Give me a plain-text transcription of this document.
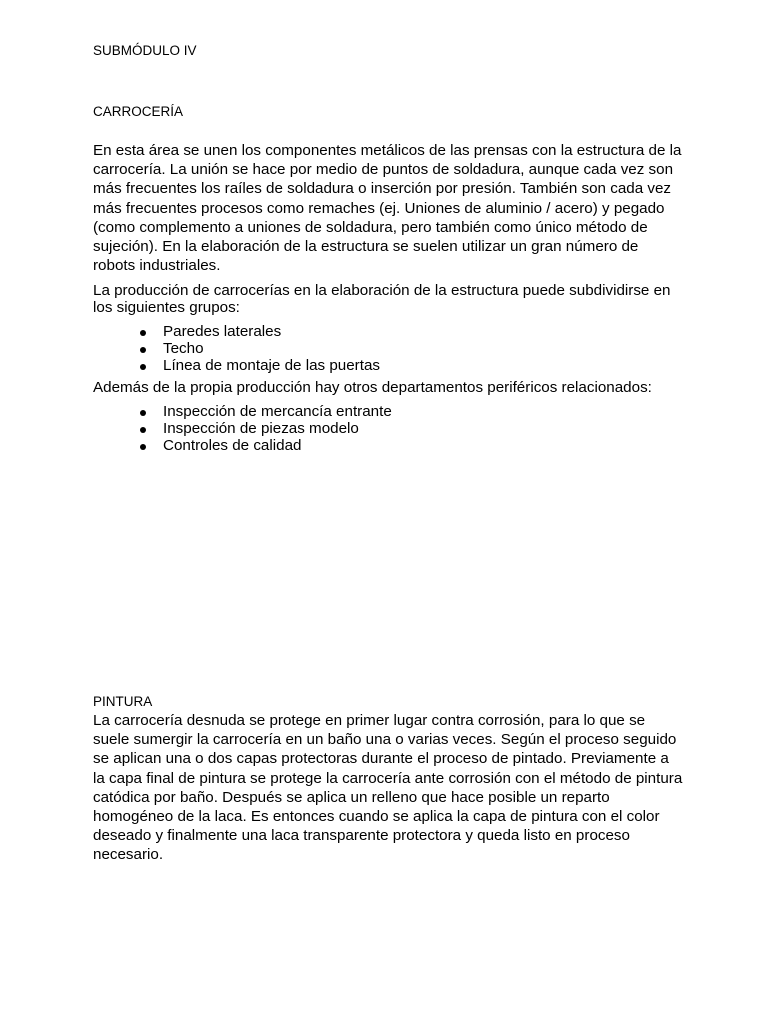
SUBMÓDULO IV

CARROCERÍA

En esta área se unen los componentes metálicos de las prensas con la estructura de la carrocería. La unión se hace por medio de puntos de soldadura, aunque cada vez son más frecuentes los raíles de soldadura o inserción por presión. También son cada vez más frecuentes procesos como remaches (ej. Uniones de aluminio / acero) y pegado (como complemento a uniones de soldadura, pero también como único método de sujeción). En la elaboración de la estructura se suelen utilizar un gran número de robots industriales.

La producción de carrocerías en la elaboración de la estructura puede subdividirse en los siguientes grupos:

Paredes laterales
Techo
Línea de montaje de las puertas

Además de la propia producción hay otros departamentos periféricos relacionados:

Inspección de mercancía entrante
Inspección de piezas modelo
Controles de calidad

PINTURA

La carrocería desnuda se protege en primer lugar contra corrosión, para lo que se suele sumergir la carrocería en un baño una o varias veces. Según el proceso seguido se aplican una o dos capas protectoras durante el proceso de pintado. Previamente a la capa final de pintura se protege la carrocería ante corrosión con el método de pintura catódica por baño. Después se aplica un relleno que hace posible un reparto homogéneo de la laca. Es entonces cuando se aplica la capa de pintura con el color deseado y finalmente una laca transparente protectora y queda listo en proceso necesario.
